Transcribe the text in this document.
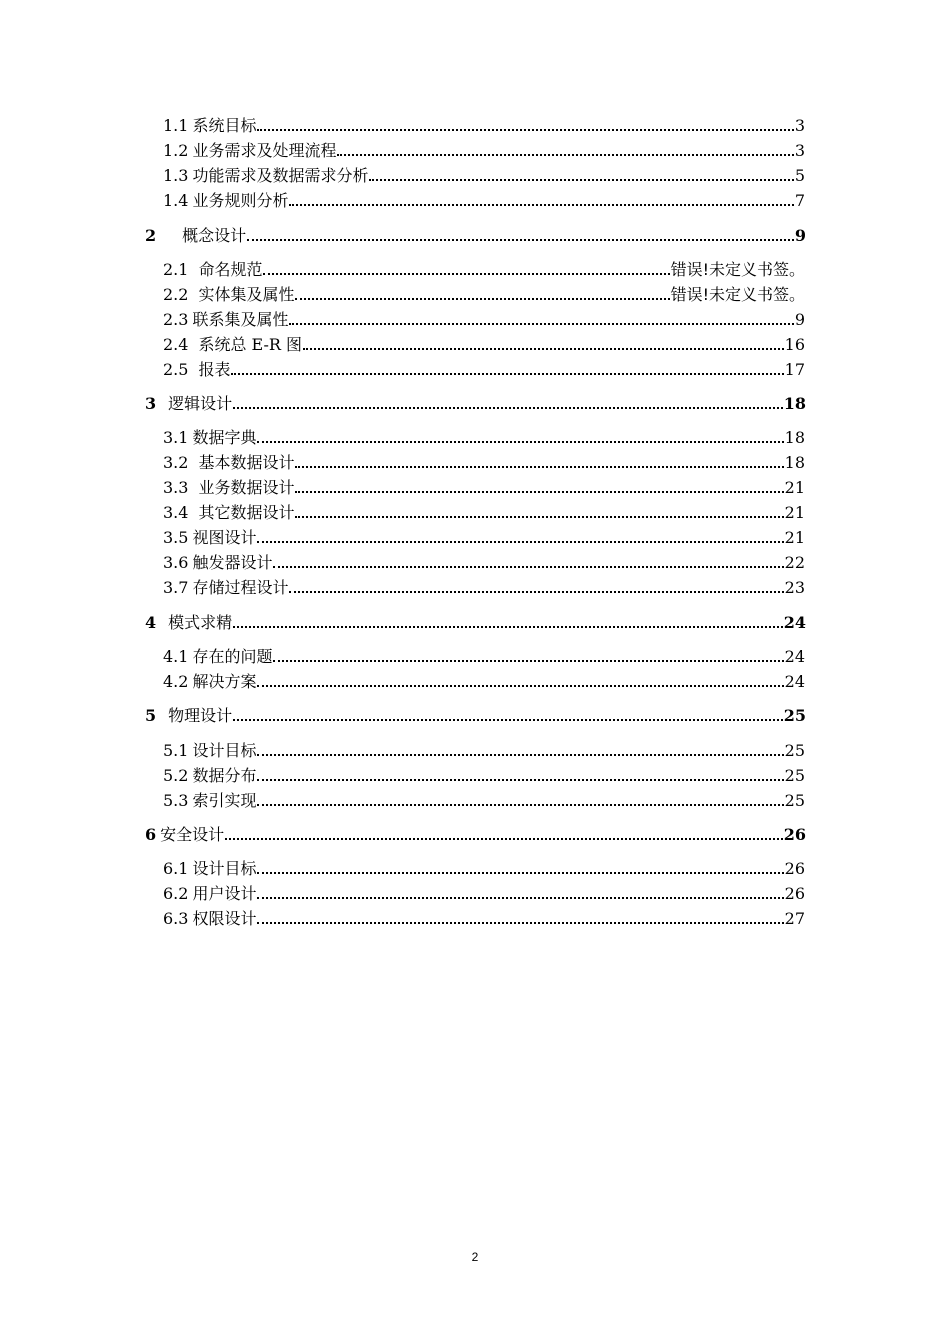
1.1 系统目标	3
1.2 业务需求及处理流程	3
1.3 功能需求及数据需求分析	5
1.4 业务规则分析	7
2 概念设计	9
2.1 命名规范	错误!未定义书签。
2.2 实体集及属性	错误!未定义书签。
2.3 联系集及属性	9
2.4 系统总 E-R 图	16
2.5 报表	17
3 逻辑设计	18
3.1 数据字典	18
3.2 基本数据设计	18
3.3 业务数据设计	21
3.4 其它数据设计	21
3.5 视图设计	21
3.6 触发器设计	22
3.7 存储过程设计	23
4 模式求精	24
4.1 存在的问题	24
4.2 解决方案	24
5 物理设计	25
5.1 设计目标	25
5.2 数据分布	25
5.3 索引实现	25
6 安全设计	26
6.1 设计目标	26
6.2 用户设计	26
6.3 权限设计	27
2
